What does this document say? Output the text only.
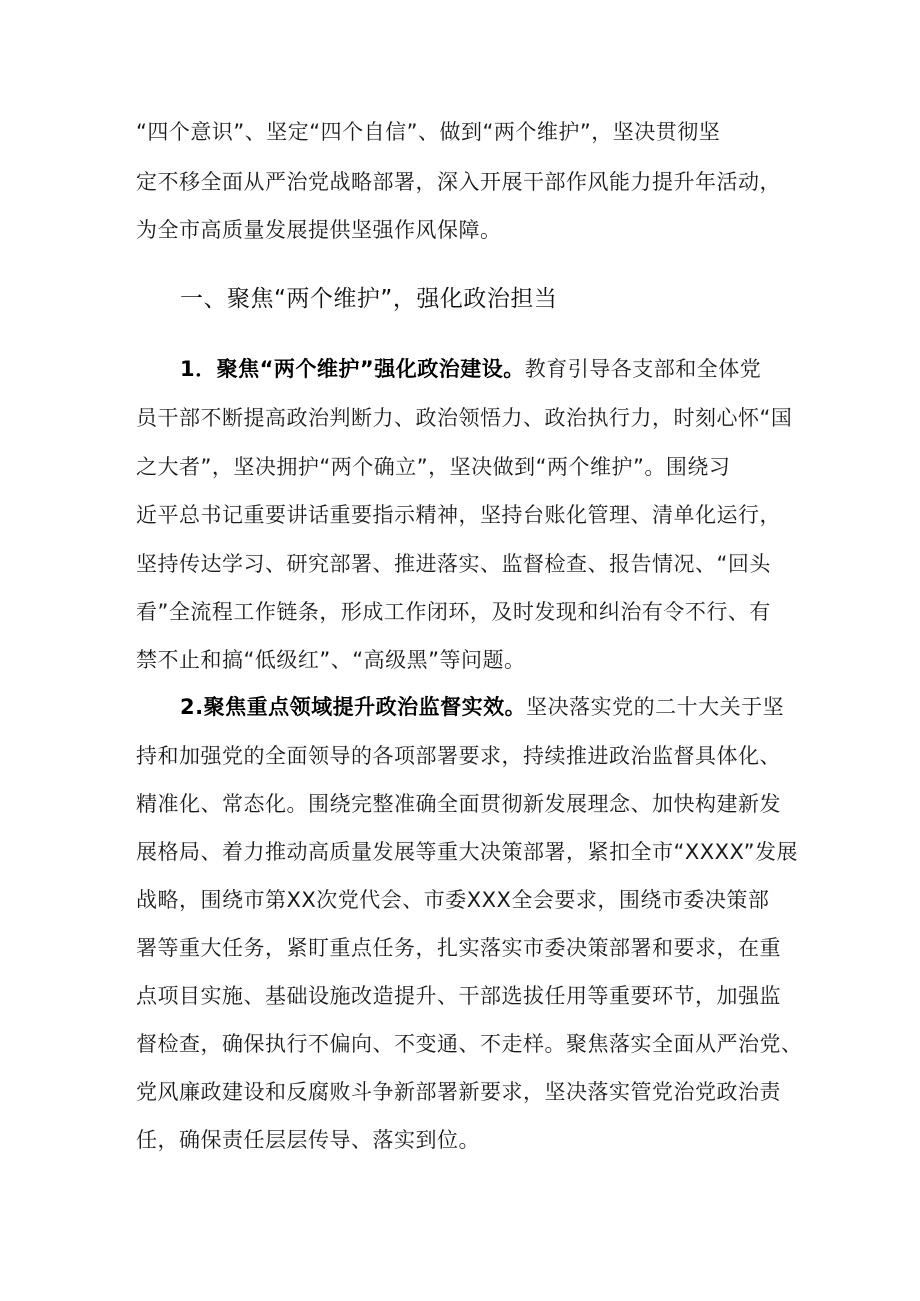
“四个意识”、坚定“四个自信”、做到“两个维护”，坚决贯彻坚
定不移全面从严治党战略部署，深入开展干部作风能力提升年活动，
为全市高质量发展提供坚强作风保障。
一、聚焦“两个维护”，强化政治担当
1．聚焦“两个维护”强化政治建设。教育引导各支部和全体党
员干部不断提高政治判断力、政治领悟力、政治执行力，时刻心怀“国
之大者”，坚决拥护“两个确立”，坚决做到“两个维护”。围绕习
近平总书记重要讲话重要指示精神，坚持台账化管理、清单化运行，
坚持传达学习、研究部署、推进落实、监督检查、报告情况、“回头
看”全流程工作链条，形成工作闭环，及时发现和纠治有令不行、有
禁不止和搞“低级红”、“高级黑”等问题。
2.聚焦重点领域提升政治监督实效。坚决落实党的二十大关于坚
持和加强党的全面领导的各项部署要求，持续推进政治监督具体化、
精准化、常态化。围绕完整准确全面贯彻新发展理念、加快构建新发
展格局、着力推动高质量发展等重大决策部署，紧扣全市“XXXX”发展
战略，围绕市第XX次党代会、市委XXX全会要求，围绕市委决策部
署等重大任务，紧盯重点任务，扎实落实市委决策部署和要求，在重
点项目实施、基础设施改造提升、干部选拔任用等重要环节，加强监
督检查，确保执行不偏向、不变通、不走样。聚焦落实全面从严治党、
党风廉政建设和反腐败斗争新部署新要求，坚决落实管党治党政治责
任，确保责任层层传导、落实到位。
